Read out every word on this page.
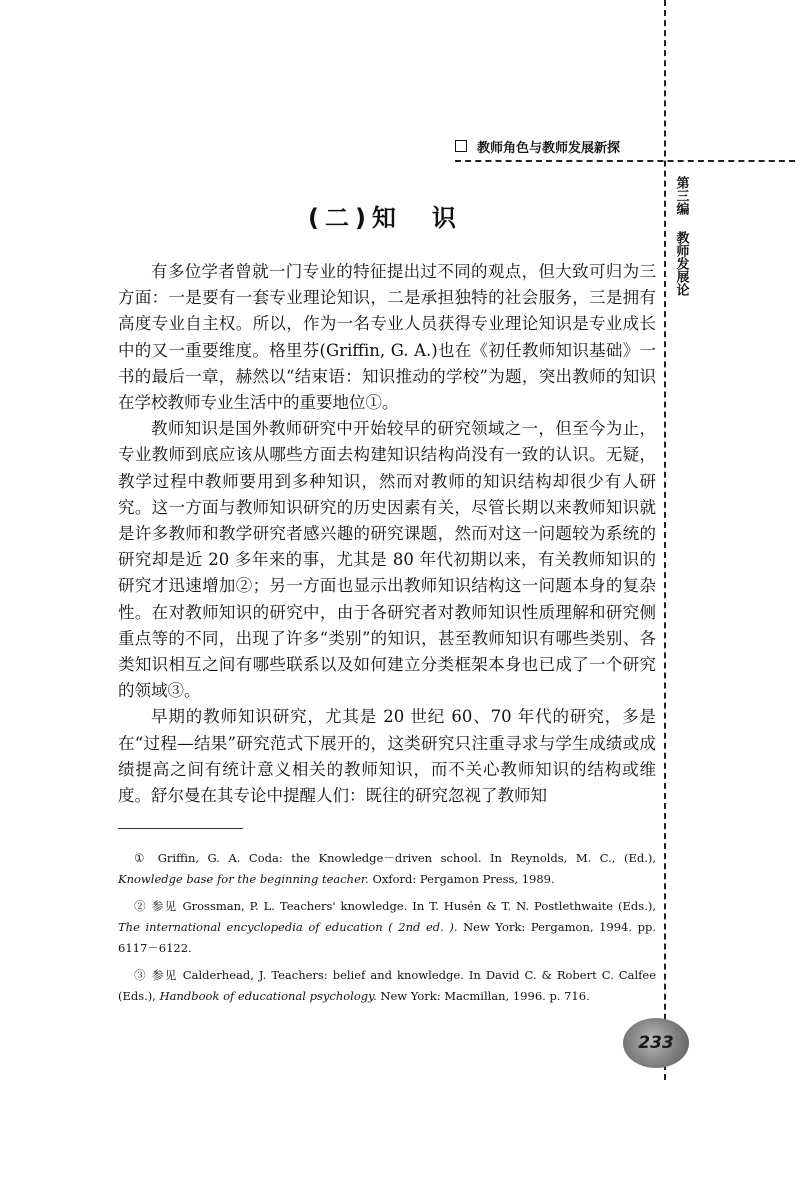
教师角色与教师发展新探
第三编
教师发展论
(二)知　识

有多位学者曾就一门专业的特征提出过不同的观点，但大致可归为三方面：一是要有一套专业理论知识，二是承担独特的社会服务，三是拥有高度专业自主权。所以，作为一名专业人员获得专业理论知识是专业成长中的又一重要维度。格里芬(Griffin, G. A.)也在《初任教师知识基础》一书的最后一章，赫然以“结束语：知识推动的学校”为题，突出教师的知识在学校教师专业生活中的重要地位①。

教师知识是国外教师研究中开始较早的研究领域之一，但至今为止，专业教师到底应该从哪些方面去构建知识结构尚没有一致的认识。无疑，教学过程中教师要用到多种知识，然而对教师的知识结构却很少有人研究。这一方面与教师知识研究的历史因素有关，尽管长期以来教师知识就是许多教师和教学研究者感兴趣的研究课题，然而对这一问题较为系统的研究却是近 20 多年来的事，尤其是 80 年代初期以来，有关教师知识的研究才迅速增加②；另一方面也显示出教师知识结构这一问题本身的复杂性。在对教师知识的研究中，由于各研究者对教师知识性质理解和研究侧重点等的不同，出现了许多“类别”的知识，甚至教师知识有哪些类别、各类知识相互之间有哪些联系以及如何建立分类框架本身也已成了一个研究的领域③。

早期的教师知识研究，尤其是 20 世纪 60、70 年代的研究，多是在“过程—结果”研究范式下展开的，这类研究只注重寻求与学生成绩或成绩提高之间有统计意义相关的教师知识，而不关心教师知识的结构或维度。舒尔曼在其专论中提醒人们：既往的研究忽视了教师知

① Griffin, G. A. Coda: the Knowledge－driven school. In Reynolds, M. C., (Ed.), Knowledge base for the beginning teacher. Oxford: Pergamon Press, 1989.

② 参见 Grossman, P. L. Teachers' knowledge. In T. Husén & T. N. Postlethwaite (Eds.), The international encyclopedia of education ( 2nd ed. ). New York: Pergamon, 1994. pp. 6117－6122.

③ 参见 Calderhead, J. Teachers: belief and knowledge. In David C. & Robert C. Calfee (Eds.), Handbook of educational psychology. New York: Macmillan, 1996. p. 716.

233
